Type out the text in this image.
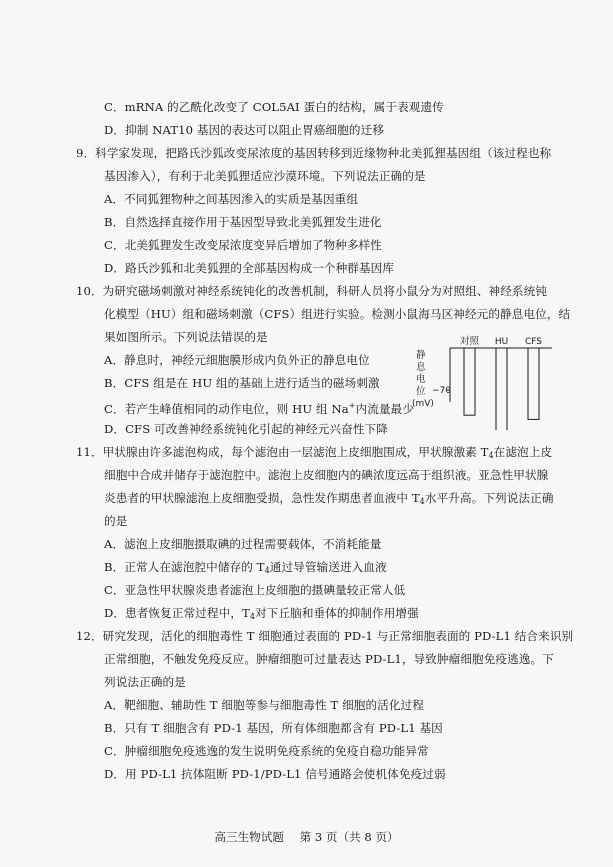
C．mRNA 的乙酰化改变了 COL5AI 蛋白的结构，属于表观遗传
D．抑制 NAT10 基因的表达可以阻止胃癌细胞的迁移
9．科学家发现，把路氏沙狐改变尿浓度的基因转移到近缘物种北美狐狸基因组（该过程也称
基因渗入），有利于北美狐狸适应沙漠环境。下列说法正确的是
A．不同狐狸物种之间基因渗入的实质是基因重组
B．自然选择直接作用于基因型导致北美狐狸发生进化
C．北美狐狸发生改变尿浓度变异后增加了物种多样性
D．路氏沙狐和北美狐狸的全部基因构成一个种群基因库
10．为研究磁场刺激对神经系统钝化的改善机制，科研人员将小鼠分为对照组、神经系统钝
化模型（HU）组和磁场刺激（CFS）组进行实验。检测小鼠海马区神经元的静息电位，结
果如图所示。下列说法错误的是
A．静息时，神经元细胞膜形成内负外正的静息电位
B．CFS 组是在 HU 组的基础上进行适当的磁场刺激
C．若产生峰值相同的动作电位，则 HU 组 Na+内流量最少
D．CFS 可改善神经系统钝化引起的神经元兴奋性下降
静
息
电
位
(mV)
−70
对照 HU CFS
11．甲状腺由许多滤泡构成，每个滤泡由一层滤泡上皮细胞围成，甲状腺激素 $T_4$在滤泡上皮
细胞中合成并储存于滤泡腔中。滤泡上皮细胞内的碘浓度远高于组织液。亚急性甲状腺
炎患者的甲状腺滤泡上皮细胞受损，急性发作期患者血液中 $T_4$水平升高。下列说法正确
的是
A．滤泡上皮细胞摄取碘的过程需要载体，不消耗能量
B．正常人在滤泡腔中储存的 $T_4$通过导管输送进入血液
C．亚急性甲状腺炎患者滤泡上皮细胞的摄碘量较正常人低
D．患者恢复正常过程中，$T_4$对下丘脑和垂体的抑制作用增强
12．研究发现，活化的细胞毒性 T 细胞通过表面的 PD-1 与正常细胞表面的 PD-L1 结合来识别
正常细胞，不触发免疫反应。肿瘤细胞可过量表达 PD-L1，导致肿瘤细胞免疫逃逸。下
列说法正确的是
A．靶细胞、辅助性 T 细胞等参与细胞毒性 T 细胞的活化过程
B．只有 T 细胞含有 PD-1 基因，所有体细胞都含有 PD-L1 基因
C．肿瘤细胞免疫逃逸的发生说明免疫系统的免疫自稳功能异常
D．用 PD-L1 抗体阻断 PD-1/PD-L1 信号通路会使机体免疫过弱
高三生物试题 第 3 页（共 8 页）
